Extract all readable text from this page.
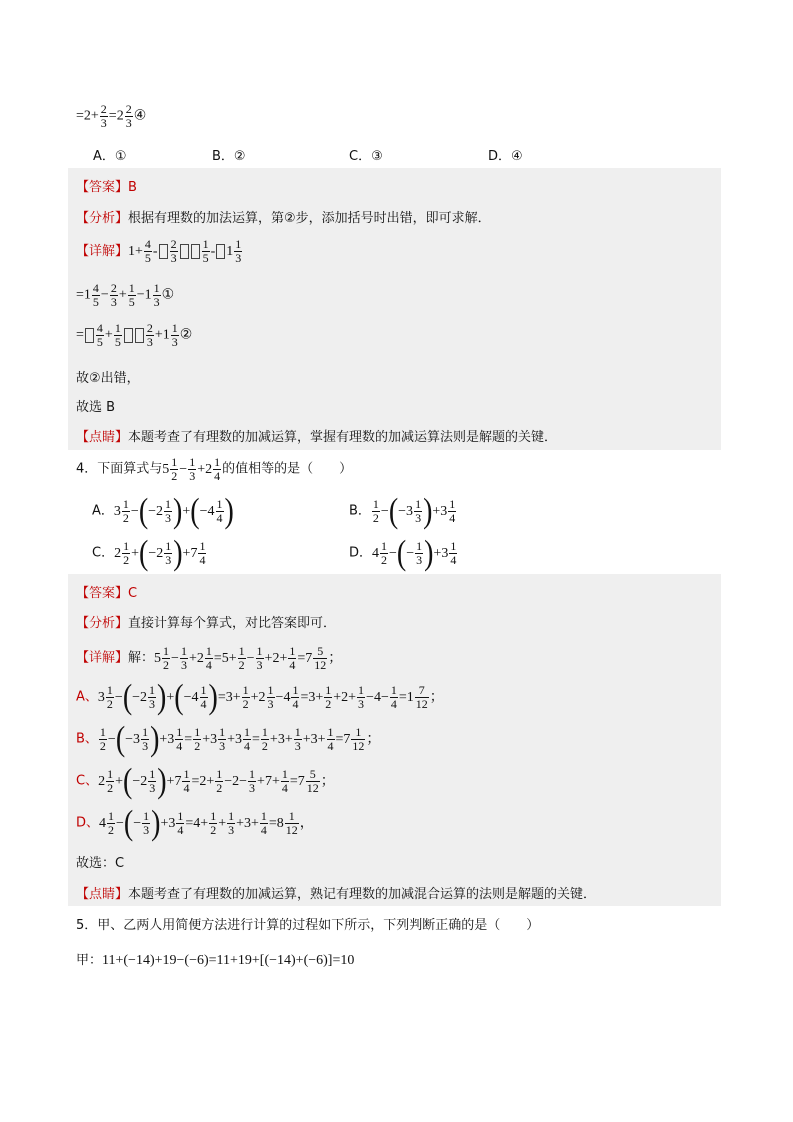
$=2+ \frac{2}{3} =2 \frac{2}{3}$ ④
A．①	B．②	C．③	D．④
【答案】B
【分析】根据有理数的加法运算，第②步，添加括号时出错，即可求解．
【详解】$1+ \frac{4}{5} - \frac{2}{3} \frac{1}{5} - 1 \frac{1}{3}$
$=1 \frac{4}{5} - \frac{2}{3} + \frac{1}{5} -1 \frac{1}{3}$ ①
= $\frac{4}{5} + \frac{1}{5} \frac{2}{3} +1 \frac{1}{3}$ ②
故②出错，
故选 B
【点睛】本题考查了有理数的加减运算，掌握有理数的加减运算法则是解题的关键．
4．下面算式与$5 \frac{1}{2} - \frac{1}{3} +2 \frac{1}{4}$ 的值相等的是（　　）
A．$3 \frac{1}{2} -(-2 \frac{1}{3} )+(-4 \frac{1}{4}$ )	B． $\frac{1}{2} -(-3 \frac{1}{3} )+3 \frac{1}{4}$
C．$2 \frac{1}{2} +(-2 \frac{1}{3} )+7 \frac{1}{4}$	D．$4 \frac{1}{2}$ −(− $\frac{1}{3} )+3 \frac{1}{4}$
【答案】C
【分析】直接计算每个算式，对比答案即可．
【详解】解：$5 \frac{1}{2} - \frac{1}{3} +2 \frac{1}{4} =5+ \frac{1}{2} - \frac{1}{3} +2+ \frac{1}{4} =7 \frac{5}{12}$ ；
A、$3 \frac{1}{2} -(-2 \frac{1}{3} )+(-4 \frac{1}{4} )=3+ \frac{1}{2} +2 \frac{1}{3} -4 \frac{1}{4} =3+ \frac{1}{2} +2+ \frac{1}{3} -4- \frac{1}{4} =1 \frac{7}{12}$ ；
B、 $\frac{1}{2} -(-3 \frac{1}{3} )+3 \frac{1}{4} = \frac{1}{2} +3 \frac{1}{3} +3 \frac{1}{4} = \frac{1}{2} +3+ \frac{1}{3} +3+ \frac{1}{4} =7 \frac{1}{12}$ ；
C、$2 \frac{1}{2} +(-2 \frac{1}{3} )+7 \frac{1}{4} =2+ \frac{1}{2} -2- \frac{1}{3} +7+ \frac{1}{4} =7 \frac{5}{12}$ ；
D、$4 \frac{1}{2}$ −(− $\frac{1}{3} )+3 \frac{1}{4} =4+ \frac{1}{2} + \frac{1}{3} +3+ \frac{1}{4} =8 \frac{1}{12}$ ，
故选：C
【点睛】本题考查了有理数的加减运算，熟记有理数的加减混合运算的法则是解题的关键．
5．甲、乙两人用简便方法进行计算的过程如下所示，下列判断正确的是（　　）
甲：11+(−14)+19−(−6)=11+19+[(−14)+(−6)]=10
